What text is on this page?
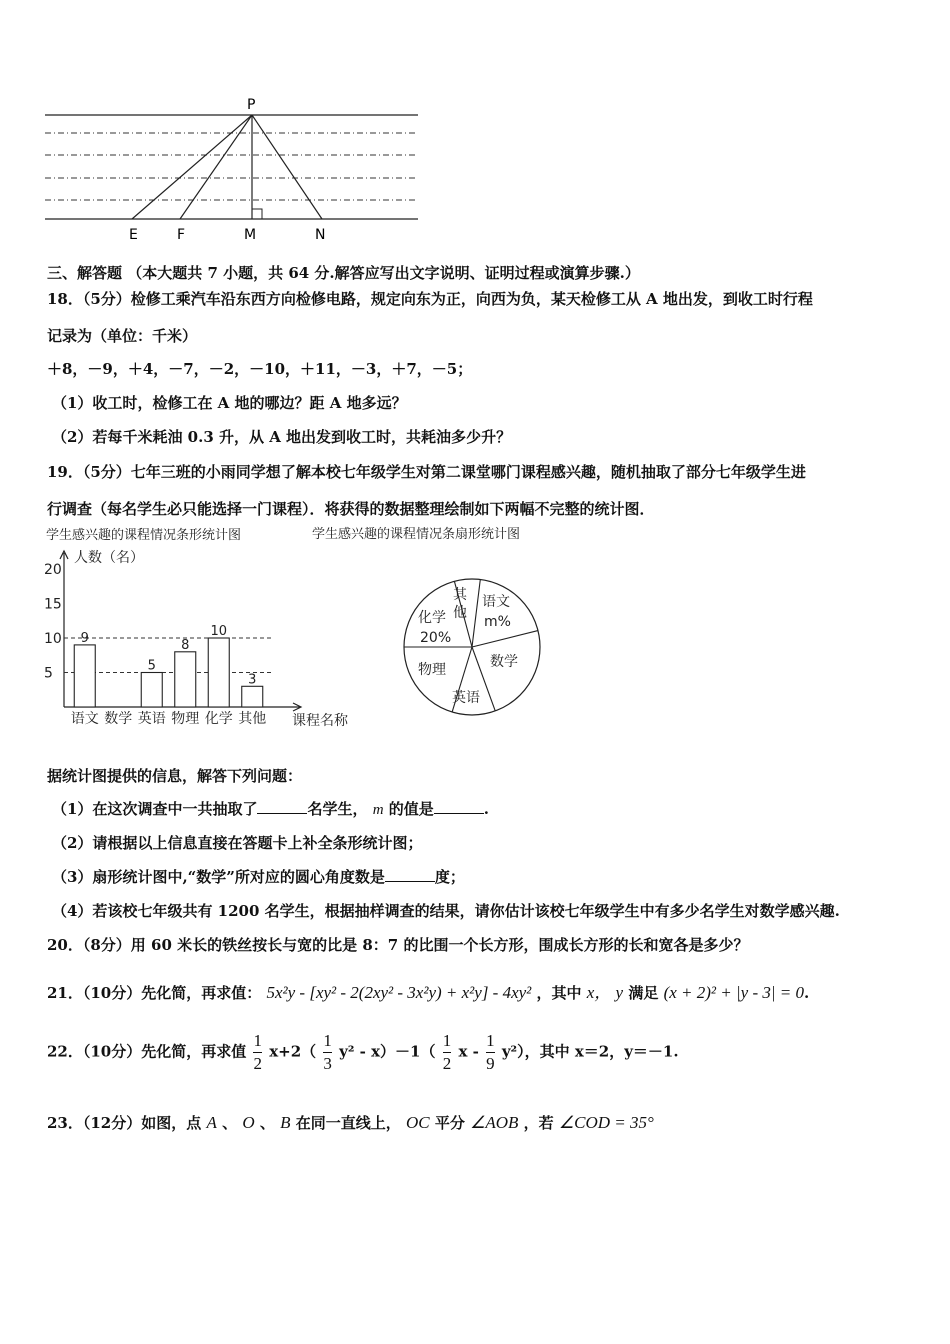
P
E	F	M	N
三、解答题 （本大题共 7 小题，共 64 分.解答应写出文字说明、证明过程或演算步骤.）
18．（5分）检修工乘汽车沿东西方向检修电路，规定向东为正，向西为负，某天检修工从 A 地出发，到收工时行程
记录为（单位：千米）
＋8，－9，＋4，－7，－2，－10，＋11，－3，＋7，－5；
（1）收工时，检修工在 A 地的哪边？距 A 地多远？
（2）若每千米耗油 0.3 升，从 A 地出发到收工时，共耗油多少升？
19．（5分）七年三班的小雨同学想了解本校七年级学生对第二课堂哪门课程感兴趣，随机抽取了部分七年级学生进
行调查（每名学生必只能选择一门课程）．将获得的数据整理绘制如下两幅不完整的统计图．
学生感兴趣的课程情况条形统计图
人数（名）
5
10
15
20
9
语文 数学
5
英语
8
物理
10
化学
3
其他 课程名称
学生感兴趣的课程情况条扇形统计图
其他
语文
m%
数学
英语
物理
化学
20%
据统计图提供的信息，解答下列问题：
（1）在这次调查中一共抽取了	名学生， m 的值是	.
（2）请根据以上信息直接在答题卡上补全条形统计图；
（3）扇形统计图中,“数学”所对应的圆心角度数是	度；
（4）若该校七年级共有 1200 名学生，根据抽样调查的结果，请你估计该校七年级学生中有多少名学生对数学感兴趣.
20．（8分）用 60 米长的铁丝按长与宽的比是 8：7 的比围一个长方形，围成长方形的长和宽各是多少？
21．（10分）先化简，再求值： 5x²y - [xy² - 2(2xy² - 3x²y) + x²y] - 4xy² ，其中 x， y 满足 (x + 2)² + |y - 3| = 0.
22．（10分）先化简，再求值 $\frac{1}{2} x+2( \frac{1}{3} y^2 - x)-1( \frac{1}{2}$ x - $\frac{1}{9} y^2$），其中 x＝2，y＝－1.
23．（12分）如图，点 A 、 O 、 B 在同一直线上， OC 平分 ∠AOB ，若 ∠COD = 35°
